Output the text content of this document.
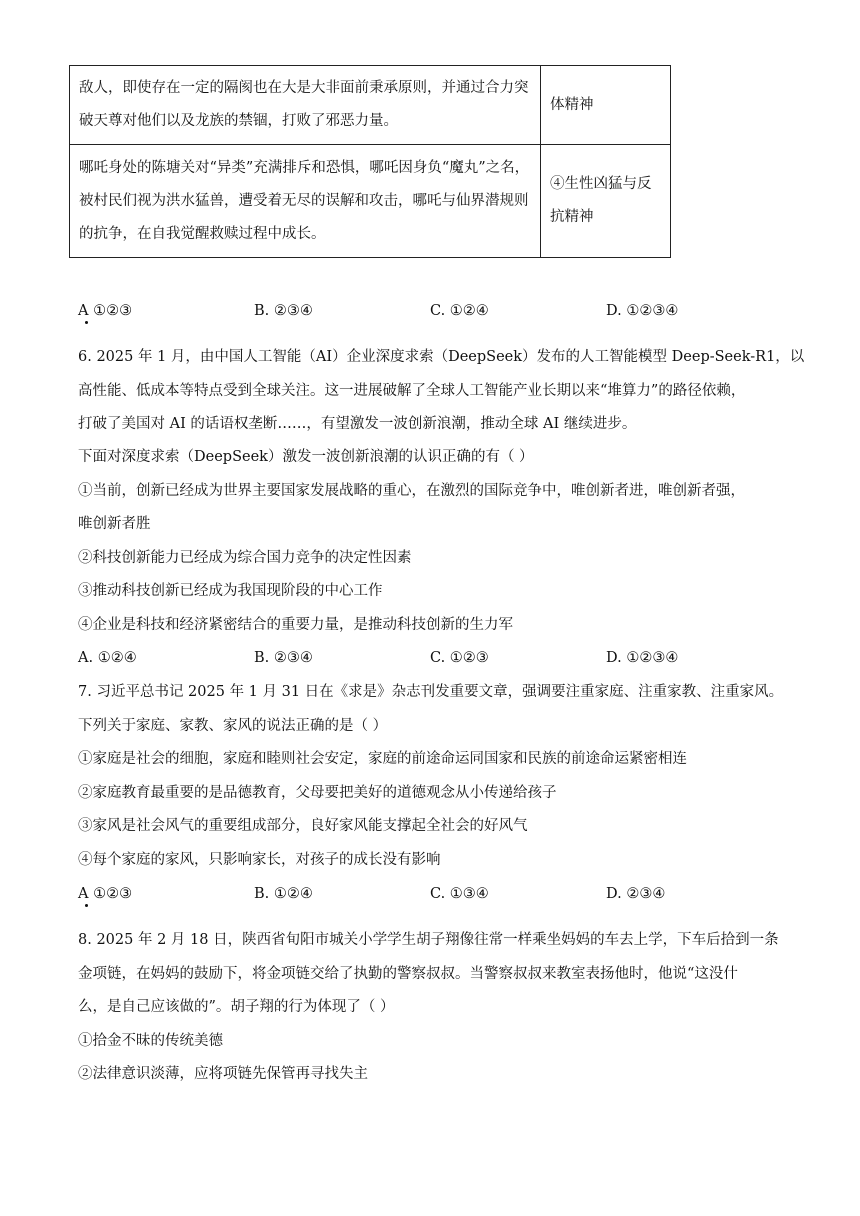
敌人，即使存在一定的隔阂也在大是大非面前秉承原则，并通过合力突破天尊对他们以及龙族的禁锢，打败了邪恶力量。	体精神
哪吒身处的陈塘关对“异类”充满排斥和恐惧，哪吒因身负“魔丸”之名，被村民们视为洪水猛兽，遭受着无尽的误解和攻击，哪吒与仙界潜规则的抗争，在自我觉醒救赎过程中成长。	④生性凶猛与反抗精神
A ①②③	B. ②③④	C. ①②④	D. ①②③④
6. 2025 年 1 月，由中国人工智能（AI）企业深度求索（DeepSeek）发布的人工智能模型 Deep-Seek-R1，以
高性能、低成本等特点受到全球关注。这一进展破解了全球人工智能产业长期以来“堆算力”的路径依赖，
打破了美国对 AI 的话语权垄断……，有望激发一波创新浪潮，推动全球 AI 继续进步。
下面对深度求索（DeepSeek）激发一波创新浪潮的认识正确的有（ ）
①当前，创新已经成为世界主要国家发展战略的重心，在激烈的国际竞争中，唯创新者进，唯创新者强，
唯创新者胜
②科技创新能力已经成为综合国力竞争的决定性因素
③推动科技创新已经成为我国现阶段的中心工作
④企业是科技和经济紧密结合的重要力量，是推动科技创新的生力军
A. ①②④	B. ②③④	C. ①②③	D. ①②③④
7. 习近平总书记 2025 年 1 月 31 日在《求是》杂志刊发重要文章，强调要注重家庭、注重家教、注重家风。
下列关于家庭、家教、家风的说法正确的是（ ）
①家庭是社会的细胞，家庭和睦则社会安定，家庭的前途命运同国家和民族的前途命运紧密相连
②家庭教育最重要的是品德教育，父母要把美好的道德观念从小传递给孩子
③家风是社会风气的重要组成部分，良好家风能支撑起全社会的好风气
④每个家庭的家风，只影响家长，对孩子的成长没有影响
A ①②③	B. ①②④	C. ①③④	D. ②③④
8. 2025 年 2 月 18 日，陕西省旬阳市城关小学学生胡子翔像往常一样乘坐妈妈的车去上学，下车后拾到一条
金项链，在妈妈的鼓励下，将金项链交给了执勤的警察叔叔。当警察叔叔来教室表扬他时，他说“这没什
么，是自己应该做的”。胡子翔的行为体现了（ ）
①拾金不昧的传统美德
②法律意识淡薄，应将项链先保管再寻找失主
